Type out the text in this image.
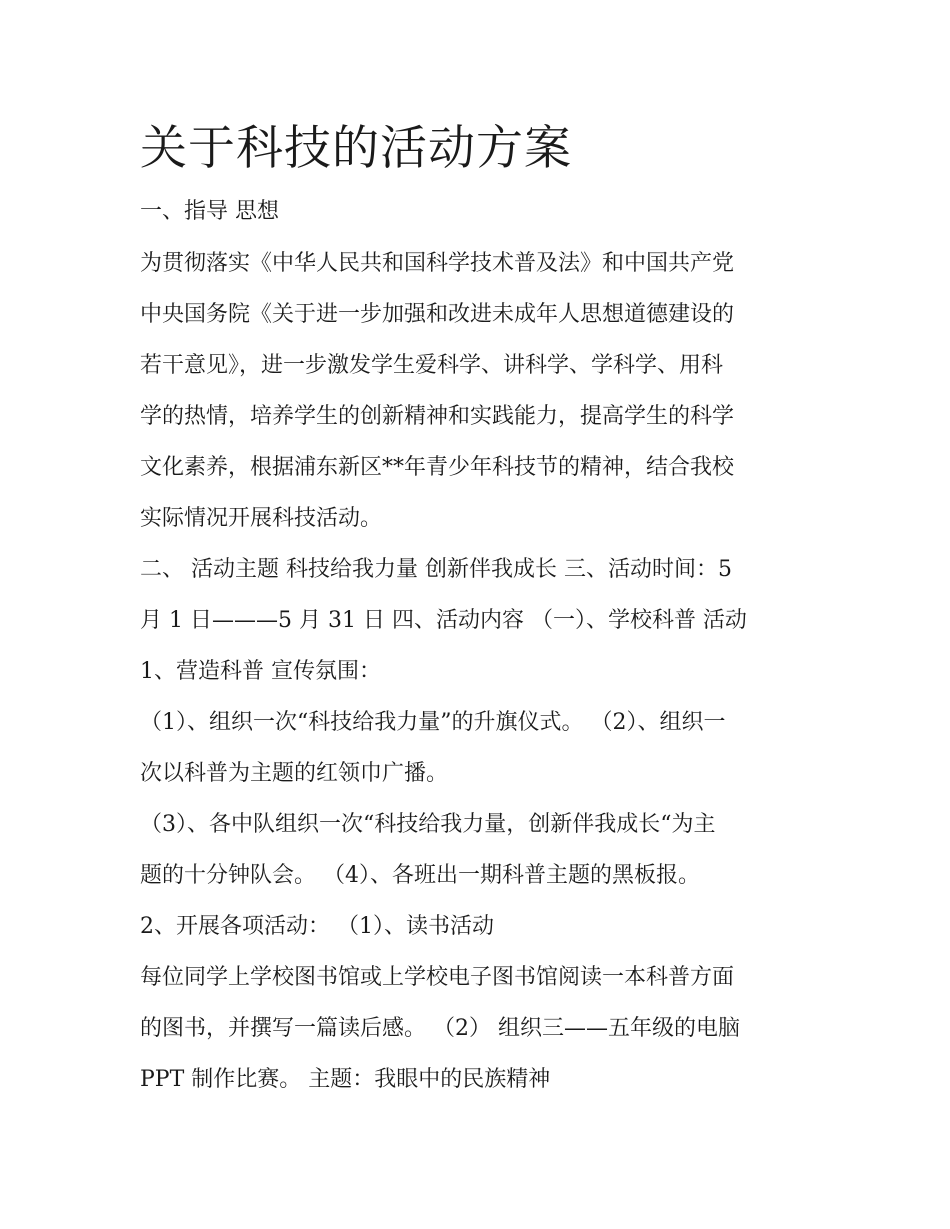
关于科技的活动方案

一、指导 思想

为贯彻落实《中华人民共和国科学技术普及法》和中国共产党

中央国务院《关于进一步加强和改进未成年人思想道德建设的

若干意见》，进一步激发学生爱科学、讲科学、学科学、用科

学的热情，培养学生的创新精神和实践能力，提高学生的科学

文化素养，根据浦东新区**年青少年科技节的精神，结合我校

实际情况开展科技活动。

二、 活动主题 科技给我力量 创新伴我成长 三、活动时间：5

月 1 日———5 月 31 日 四、活动内容 （一）、学校科普 活动

1、营造科普 宣传氛围：

（1）、组织一次“科技给我力量”的升旗仪式。 （2）、组织一

次以科普为主题的红领巾广播。

（3）、各中队组织一次“科技给我力量，创新伴我成长“为主

题的十分钟队会。 （4）、各班出一期科普主题的黑板报。

2、开展各项活动： （1）、读书活动

每位同学上学校图书馆或上学校电子图书馆阅读一本科普方面

的图书，并撰写一篇读后感。 （2） 组织三——五年级的电脑

PPT 制作比赛。 主题：我眼中的民族精神
